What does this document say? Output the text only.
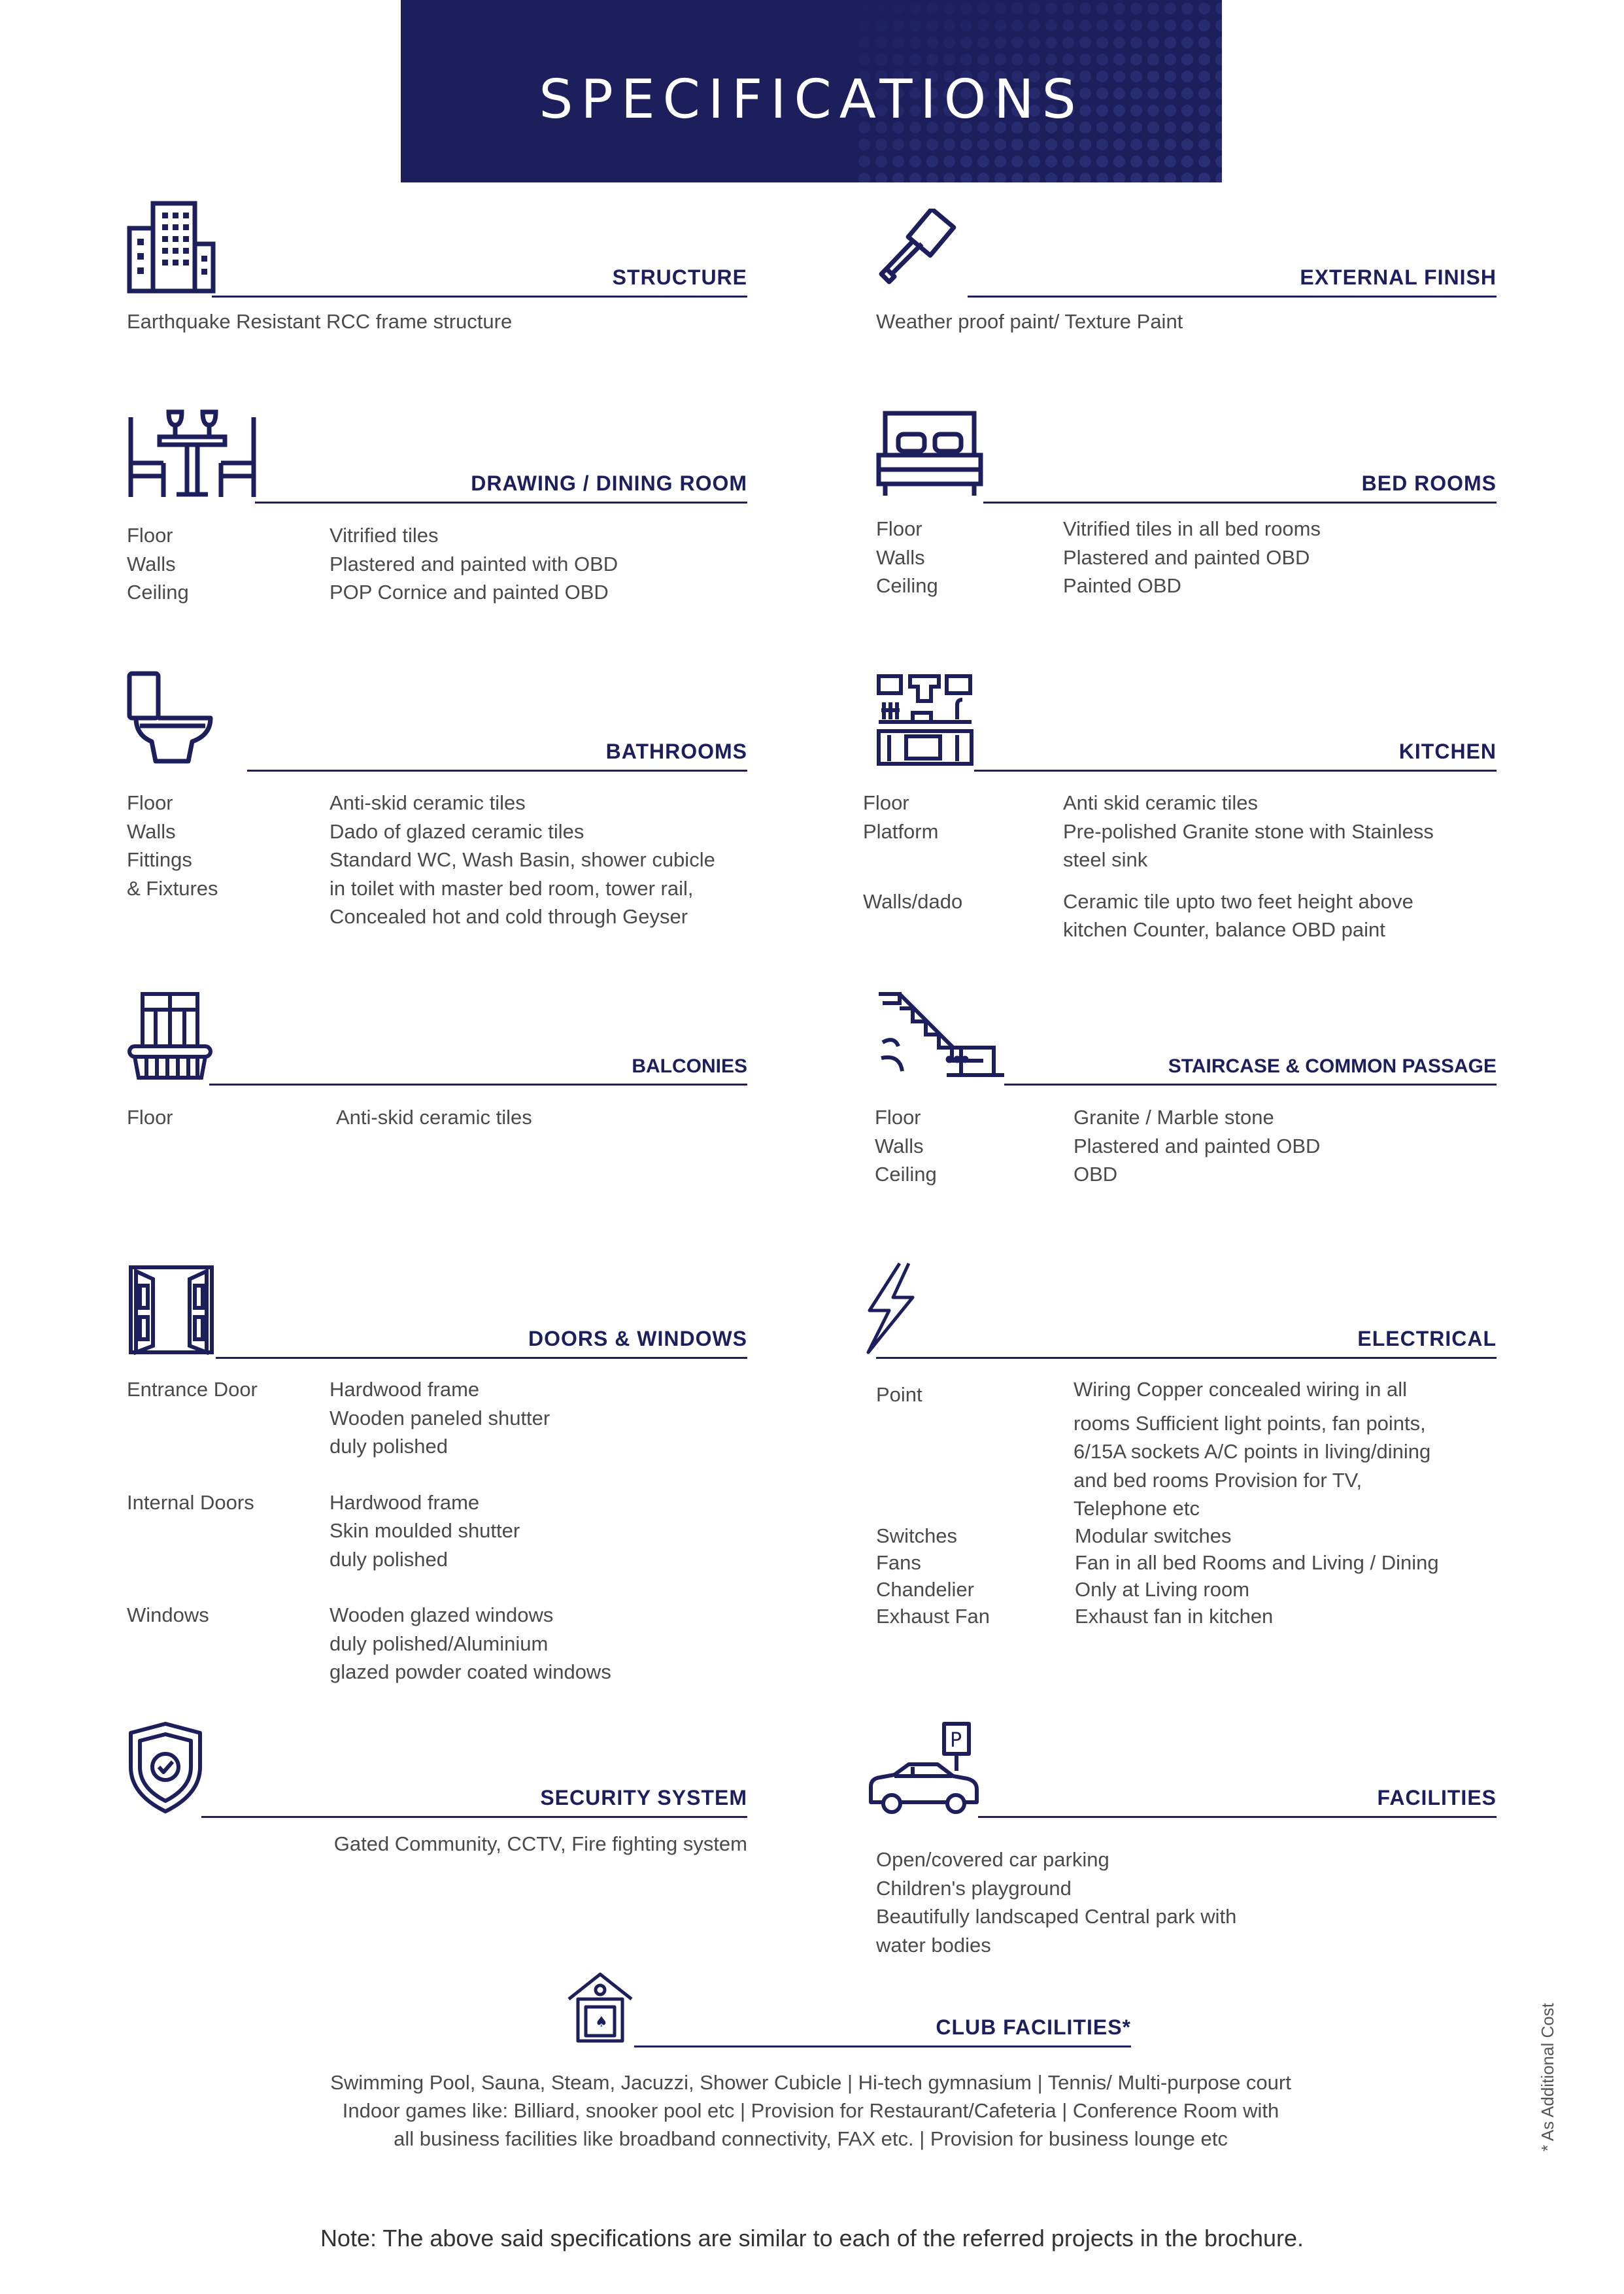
SPECIFICATIONS
STRUCTURE
Earthquake Resistant RCC frame structure
EXTERNAL FINISH
Weather proof paint/ Texture Paint
DRAWING / DINING ROOM
Floor	Vitrified tiles
Walls	Plastered and painted with OBD
Ceiling	POP Cornice and painted OBD
BED ROOMS
Floor	Vitrified tiles in all bed rooms
Walls	Plastered and painted OBD
Ceiling	Painted OBD
BATHROOMS
Floor	Anti-skid ceramic tiles
Walls	Dado of glazed ceramic tiles
Fittings	Standard WC, Wash Basin, shower cubicle
& Fixtures	in toilet with master bed room, tower rail,
Concealed hot and cold through Geyser
KITCHEN
Floor	Anti skid ceramic tiles
Platform	Pre-polished Granite stone with Stainless
steel sink
Walls/dado	Ceramic tile upto two feet height above
kitchen Counter, balance OBD paint
BALCONIES
Floor	Anti-skid ceramic tiles
STAIRCASE & COMMON PASSAGE
Floor	Granite / Marble stone
Walls	Plastered and painted OBD
Ceiling	OBD
DOORS & WINDOWS
Entrance Door	Hardwood frame
Wooden paneled shutter
duly polished
Internal Doors	Hardwood frame
Skin moulded shutter
duly polished
Windows	Wooden glazed windows
duly polished/Aluminium
glazed powder coated windows
ELECTRICAL
Point	Wiring Copper concealed wiring in all
rooms Sufficient light points, fan points,
6/15A sockets A/C points in living/dining
and bed rooms Provision for TV,
Telephone etc
Switches	Modular switches
Fans	Fan in all bed Rooms and Living / Dining
Chandelier	Only at Living room
Exhaust Fan	Exhaust fan in kitchen
SECURITY SYSTEM
Gated Community, CCTV, Fire fighting system
P
FACILITIES
Open/covered car parking
Children's playground
Beautifully landscaped Central park with
water bodies
♠	CLUB FACILITIES*
Swimming Pool, Sauna, Steam, Jacuzzi, Shower Cubicle | Hi-tech gymnasium | Tennis/ Multi-purpose court
Indoor games like: Billiard, snooker pool etc | Provision for Restaurant/Cafeteria | Conference Room with
all business facilities like broadband connectivity, FAX etc. | Provision for business lounge etc
Note: The above said specifications are similar to each of the referred projects in the brochure.
* As Additional Cost
